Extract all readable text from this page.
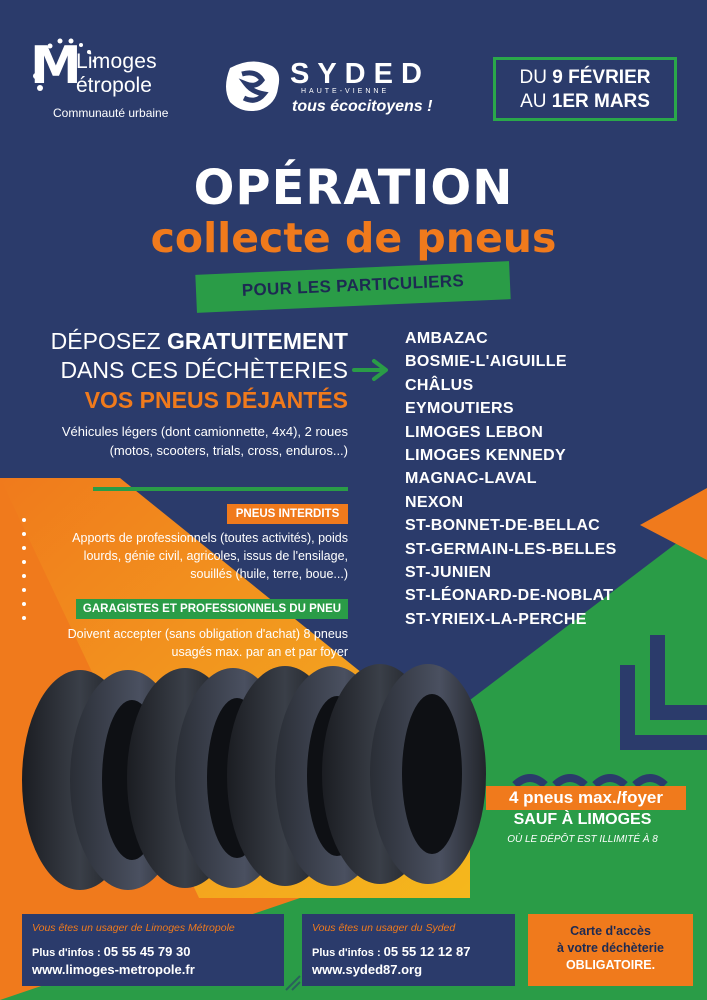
M
Limoges
étropole
Communauté urbaine
SYDED
HAUTE-VIENNE
tous écocitoyens !
DU 9 FÉVRIER
AU 1ER MARS
OPÉRATION
collecte de pneus
POUR LES PARTICULIERS
DÉPOSEZ GRATUITEMENT
DANS CES DÉCHÈTERIES
VOS PNEUS DÉJANTÉS
Véhicules légers (dont camionnette, 4x4), 2 roues (motos, scooters, trials, cross, enduros...)
PNEUS INTERDITS
Apports de professionnels (toutes activités), poids lourds, génie civil, agricoles, issus de l'ensilage, souillés (huile, terre, boue...)
GARAGISTES ET PROFESSIONNELS DU PNEU
Doivent accepter (sans obligation d'achat) 8 pneus usagés max. par an et par foyer
AMBAZAC
BOSMIE-L'AIGUILLE
CHÂLUS
EYMOUTIERS
LIMOGES LEBON
LIMOGES KENNEDY
MAGNAC-LAVAL
NEXON
ST-BONNET-DE-BELLAC
ST-GERMAIN-LES-BELLES
ST-JUNIEN
ST-LÉONARD-DE-NOBLAT
ST-YRIEIX-LA-PERCHE
4 pneus max./foyer
SAUF À LIMOGES
OÙ LE DÉPÔT EST ILLIMITÉ À 8
Vous êtes un usager de Limoges Métropole
Plus d'infos : 05 55 45 79 30
www.limoges-metropole.fr
Vous êtes un usager du Syded
Plus d'infos : 05 55 12 12 87
www.syded87.org
Carte d'accès
à votre déchèterie
OBLIGATOIRE.
